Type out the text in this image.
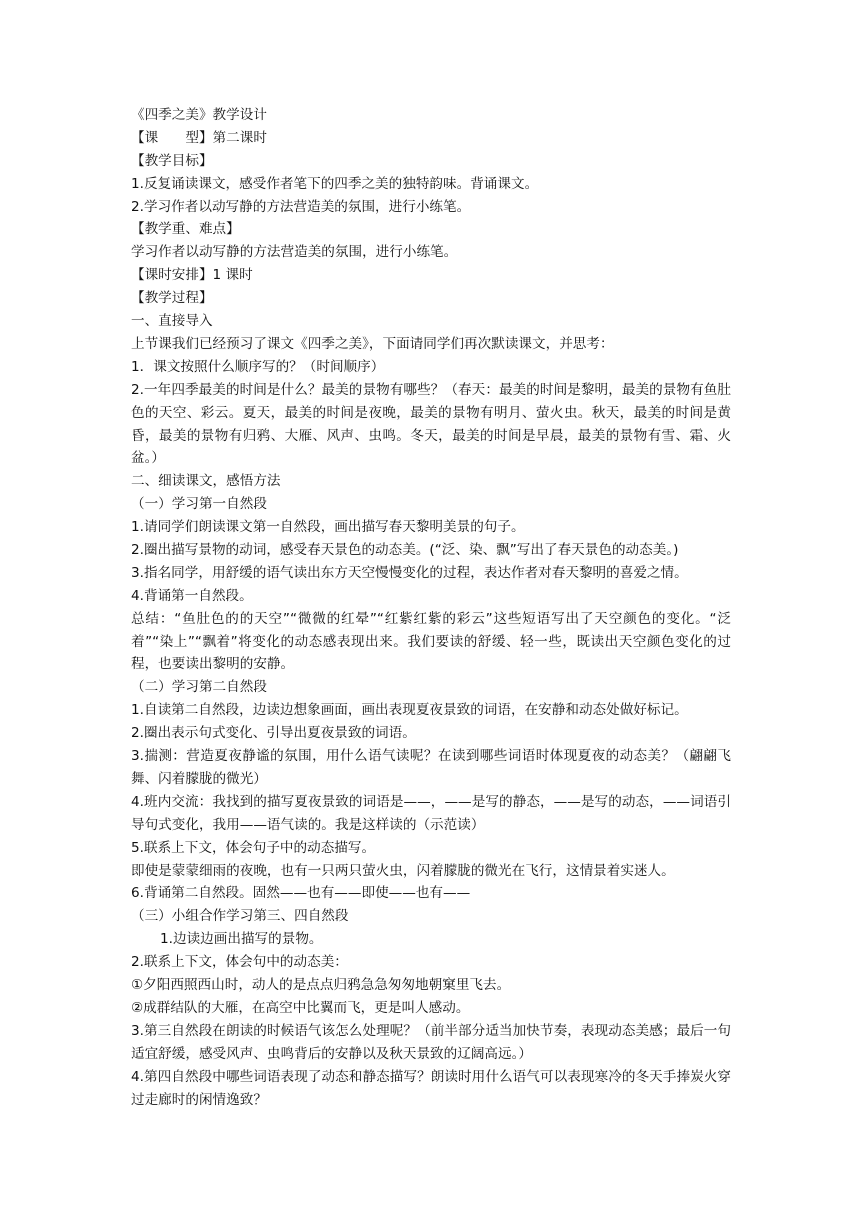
《四季之美》教学设计
【课　　型】第二课时
【教学目标】
1.反复诵读课文，感受作者笔下的四季之美的独特韵味。背诵课文。
2.学习作者以动写静的方法营造美的氛围，进行小练笔。
【教学重、难点】
学习作者以动写静的方法营造美的氛围，进行小练笔。
【课时安排】1 课时
【教学过程】
一、直接导入
上节课我们已经预习了课文《四季之美》，下面请同学们再次默读课文，并思考：
1．课文按照什么顺序写的？（时间顺序）
2.一年四季最美的时间是什么？最美的景物有哪些？（春天：最美的时间是黎明，最美的景物有鱼肚色的天空、彩云。夏天，最美的时间是夜晚，最美的景物有明月、萤火虫。秋天，最美的时间是黄昏，最美的景物有归鸦、大雁、风声、虫鸣。冬天，最美的时间是早晨，最美的景物有雪、霜、火盆。）
二、细读课文，感悟方法
（一）学习第一自然段
1.请同学们朗读课文第一自然段，画出描写春天黎明美景的句子。
2.圈出描写景物的动词，感受春天景色的动态美。(“泛、染、飘”写出了春天景色的动态美。)
3.指名同学，用舒缓的语气读出东方天空慢慢变化的过程，表达作者对春天黎明的喜爱之情。
4.背诵第一自然段。
总结：“鱼肚色的的天空”“微微的红晕”“红紫红紫的彩云”这些短语写出了天空颜色的变化。“泛着”“染上”“飘着”将变化的动态感表现出来。我们要读的舒缓、轻一些，既读出天空颜色变化的过程，也要读出黎明的安静。
（二）学习第二自然段
1.自读第二自然段，边读边想象画面，画出表现夏夜景致的词语，在安静和动态处做好标记。
2.圈出表示句式变化、引导出夏夜景致的词语。
3.揣测：营造夏夜静谧的氛围，用什么语气读呢？在读到哪些词语时体现夏夜的动态美？（翩翩飞舞、闪着朦胧的微光）
4.班内交流：我找到的描写夏夜景致的词语是——，——是写的静态，——是写的动态，——词语引导句式变化，我用——语气读的。我是这样读的（示范读）
5.联系上下文，体会句子中的动态描写。
即使是蒙蒙细雨的夜晚，也有一只两只萤火虫，闪着朦胧的微光在飞行，这情景着实迷人。
6.背诵第二自然段。固然——也有——即使——也有——
（三）小组合作学习第三、四自然段
1.边读边画出描写的景物。
2.联系上下文，体会句中的动态美：
①夕阳西照西山时，动人的是点点归鸦急急匆匆地朝窠里飞去。
②成群结队的大雁，在高空中比翼而飞，更是叫人感动。
3.第三自然段在朗读的时候语气该怎么处理呢？（前半部分适当加快节奏，表现动态美感；最后一句适宜舒缓，感受风声、虫鸣背后的安静以及秋天景致的辽阔高远。）
4.第四自然段中哪些词语表现了动态和静态描写？朗读时用什么语气可以表现寒冷的冬天手捧炭火穿过走廊时的闲情逸致？
